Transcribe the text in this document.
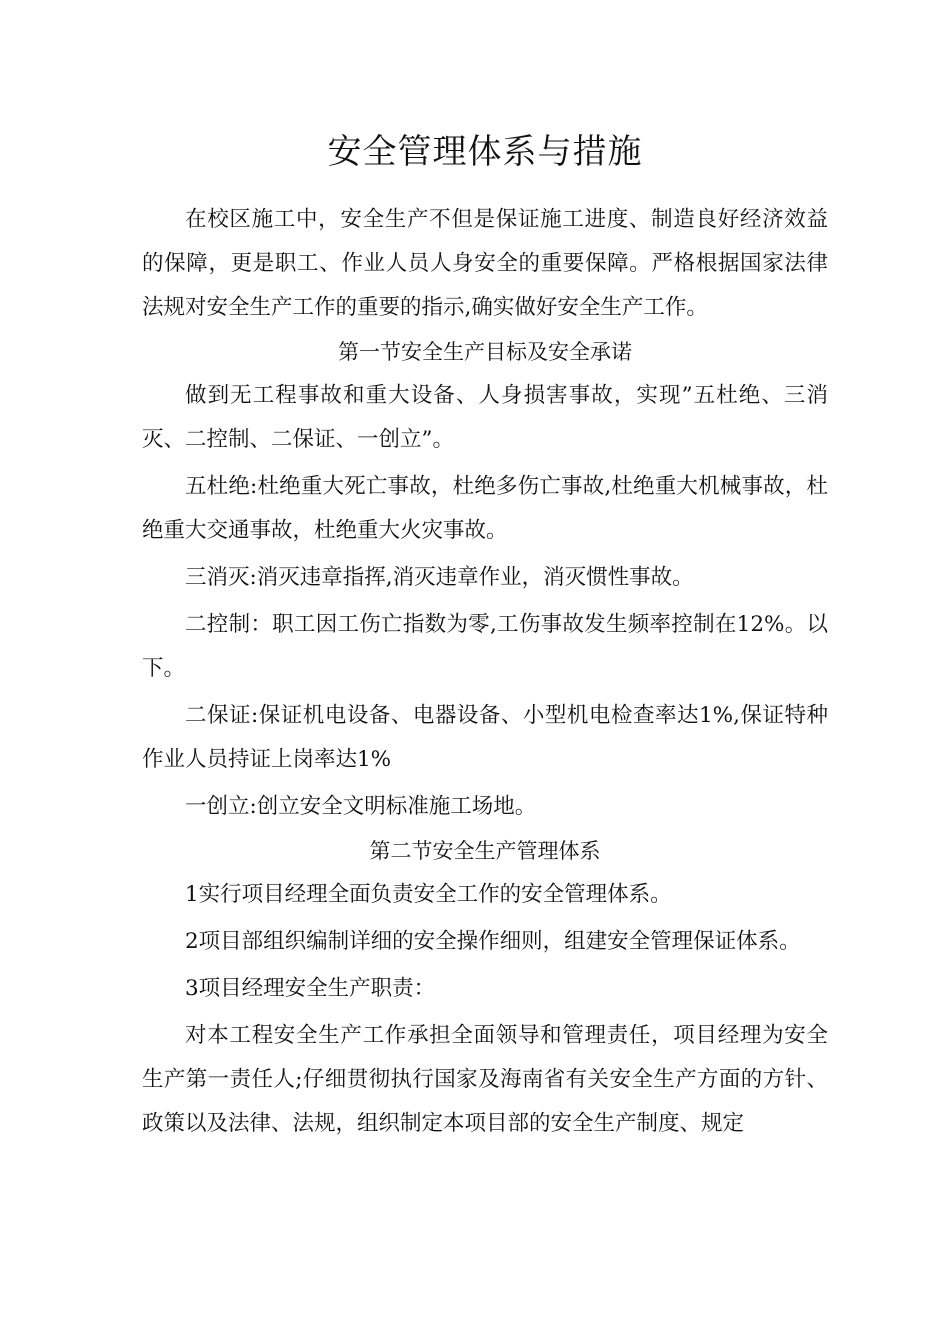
安全管理体系与措施

在校区施工中，安全生产不但是保证施工进度、制造良好经济效益的保障，更是职工、作业人员人身安全的重要保障。严格根据国家法律法规对安全生产工作的重要的指示,确实做好安全生产工作。

第一节安全生产目标及安全承诺

做到无工程事故和重大设备、人身损害事故，实现”五杜绝、三消灭、二控制、二保证、一创立”。

五杜绝:杜绝重大死亡事故，杜绝多伤亡事故,杜绝重大机械事故，杜绝重大交通事故，杜绝重大火灾事故。

三消灭:消灭违章指挥,消灭违章作业，消灭惯性事故。

二控制：职工因工伤亡指数为零,工伤事故发生频率控制在12%。以下。

二保证:保证机电设备、电器设备、小型机电检查率达1%,保证特种作业人员持证上岗率达1%

一创立:创立安全文明标准施工场地。

第二节安全生产管理体系

1实行项目经理全面负责安全工作的安全管理体系。

2项目部组织编制详细的安全操作细则，组建安全管理保证体系。

3项目经理安全生产职责：

对本工程安全生产工作承担全面领导和管理责任，项目经理为安全生产第一责任人;仔细贯彻执行国家及海南省有关安全生产方面的方针、政策以及法律、法规，组织制定本项目部的安全生产制度、规定
